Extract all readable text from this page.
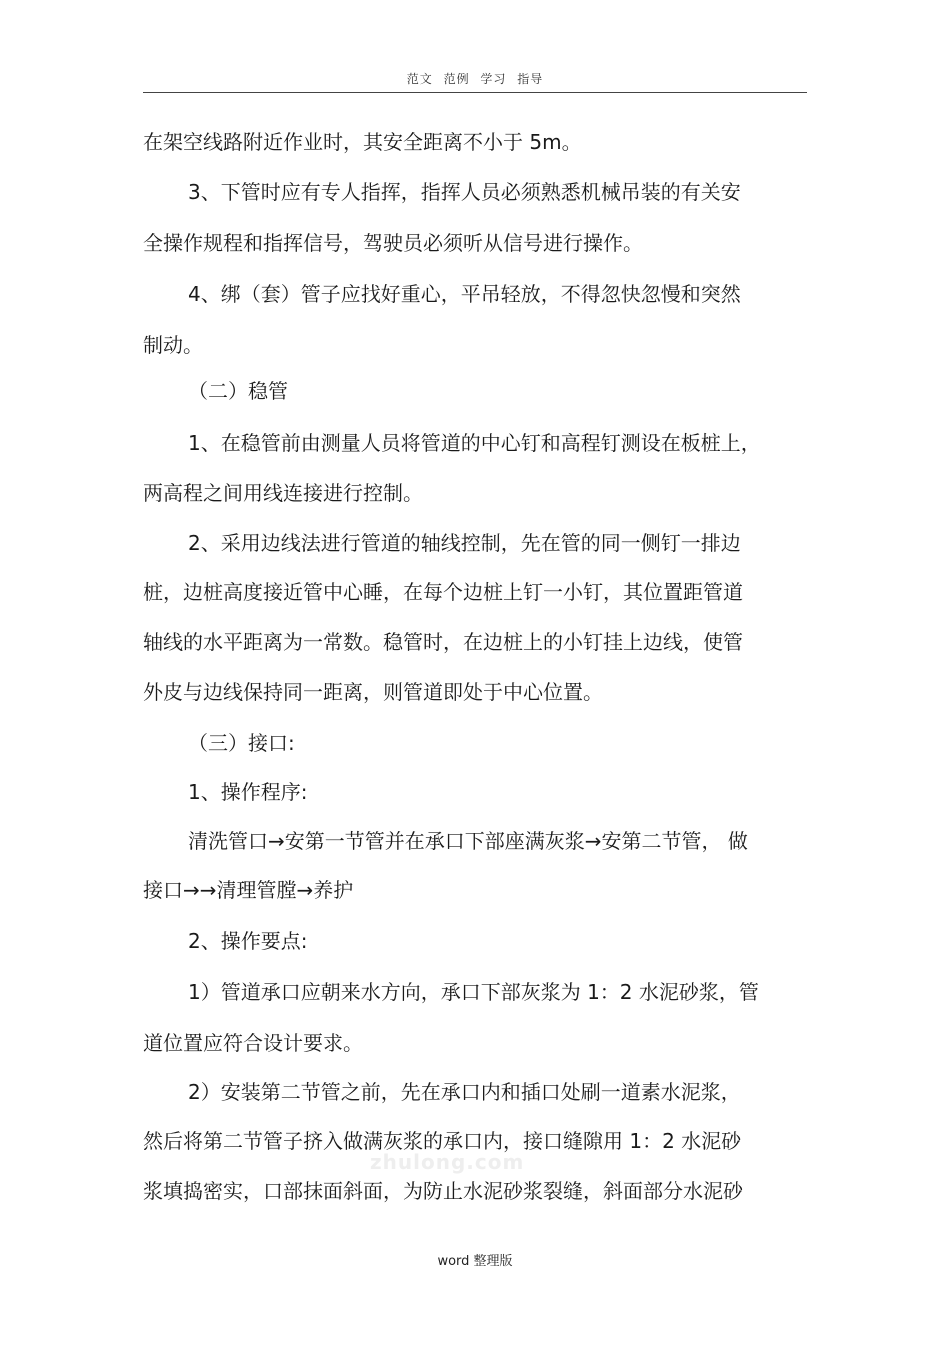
范文 范例 学习 指导
在架空线路附近作业时，其安全距离不小于 5m。
3、下管时应有专人指挥，指挥人员必须熟悉机械吊装的有关安
全操作规程和指挥信号，驾驶员必须听从信号进行操作。
4、绑（套）管子应找好重心，平吊轻放，不得忽快忽慢和突然
制动。
（二）稳管
1、在稳管前由测量人员将管道的中心钉和高程钉测设在板桩上，
两高程之间用线连接进行控制。
2、采用边线法进行管道的轴线控制，先在管的同一侧钉一排边
桩，边桩高度接近管中心睡，在每个边桩上钉一小钉，其位置距管道
轴线的水平距离为一常数。稳管时，在边桩上的小钉挂上边线，使管
外皮与边线保持同一距离，则管道即处于中心位置。
（三）接口:
1、操作程序:
清洗管口→安第一节管并在承口下部座满灰浆→安第二节管， 做
接口→→清理管膛→养护
2、操作要点:
1）管道承口应朝来水方向，承口下部灰浆为 1：2 水泥砂浆，管
道位置应符合设计要求。
2）安装第二节管之前，先在承口内和插口处刷一道素水泥浆，
然后将第二节管子挤入做满灰浆的承口内，接口缝隙用 1：2 水泥砂
浆填捣密实，口部抹面斜面，为防止水泥砂浆裂缝，斜面部分水泥砂
zhulong.com
word 整理版
